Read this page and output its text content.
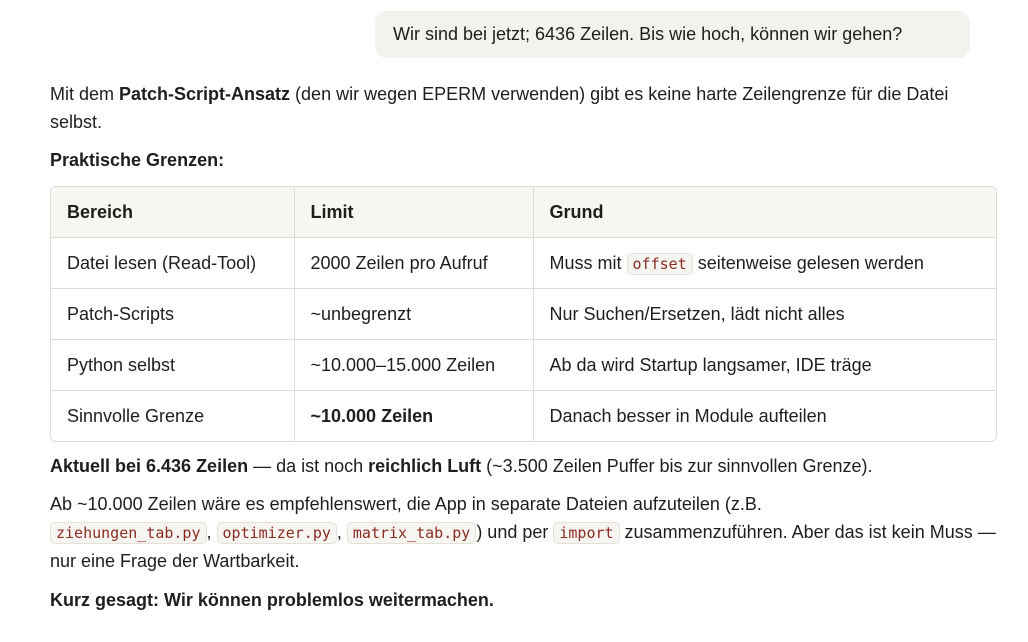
Wir sind bei jetzt; 6436 Zeilen. Bis wie hoch, können wir gehen?

Mit dem Patch-Script-Ansatz (den wir wegen EPERM verwenden) gibt es keine harte Zeilengrenze für die Datei selbst.

Praktische Grenzen:

Bereich	Limit	Grund
Datei lesen (Read-Tool)	2000 Zeilen pro Aufruf	Muss mit offset seitenweise gelesen werden
Patch-Scripts	~unbegrenzt	Nur Suchen/Ersetzen, lädt nicht alles
Python selbst	~10.000–15.000 Zeilen	Ab da wird Startup langsamer, IDE träge
Sinnvolle Grenze	~10.000 Zeilen	Danach besser in Module aufteilen

Aktuell bei 6.436 Zeilen — da ist noch reichlich Luft (~3.500 Zeilen Puffer bis zur sinnvollen Grenze).

Ab ~10.000 Zeilen wäre es empfehlenswert, die App in separate Dateien aufzuteilen (z.B.
ziehungen_tab.py , optimizer.py , matrix_tab.py ) und per import zusammenzuführen. Aber das ist kein Muss — nur eine Frage der Wartbarkeit.

Kurz gesagt: Wir können problemlos weitermachen.
